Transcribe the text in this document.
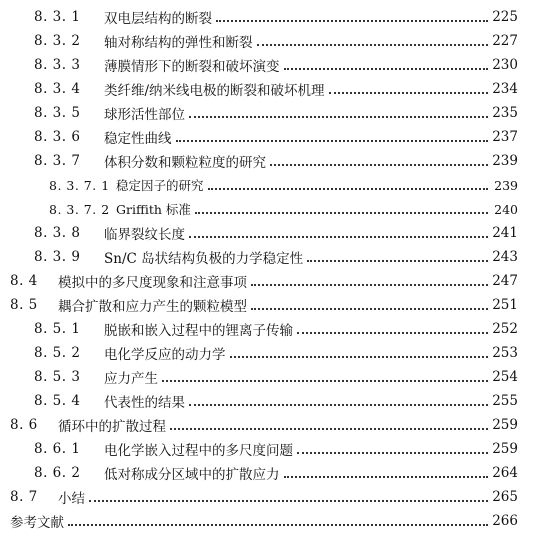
8. 3. 1	双电层结构的断裂	225
8. 3. 2	轴对称结构的弹性和断裂	227
8. 3. 3	薄膜情形下的断裂和破坏演变	230
8. 3. 4	类纤维/纳米线电极的断裂和破坏机理	234
8. 3. 5	球形活性部位	235
8. 3. 6	稳定性曲线	237
8. 3. 7	体积分数和颗粒粒度的研究	239
8. 3. 7. 1 稳定因子的研究	239
8. 3. 7. 2 Griffith 标准	240
8. 3. 8	临界裂纹长度	241
8. 3. 9	Sn/C 岛状结构负极的力学稳定性	243
8. 4	模拟中的多尺度现象和注意事项	247
8. 5	耦合扩散和应力产生的颗粒模型	251
8. 5. 1	脱嵌和嵌入过程中的锂离子传输	252
8. 5. 2	电化学反应的动力学	253
8. 5. 3	应力产生	254
8. 5. 4	代表性的结果	255
8. 6	循环中的扩散过程	259
8. 6. 1	电化学嵌入过程中的多尺度问题	259
8. 6. 2	低对称成分区域中的扩散应力	264
8. 7	小结	265
参考文献	266
